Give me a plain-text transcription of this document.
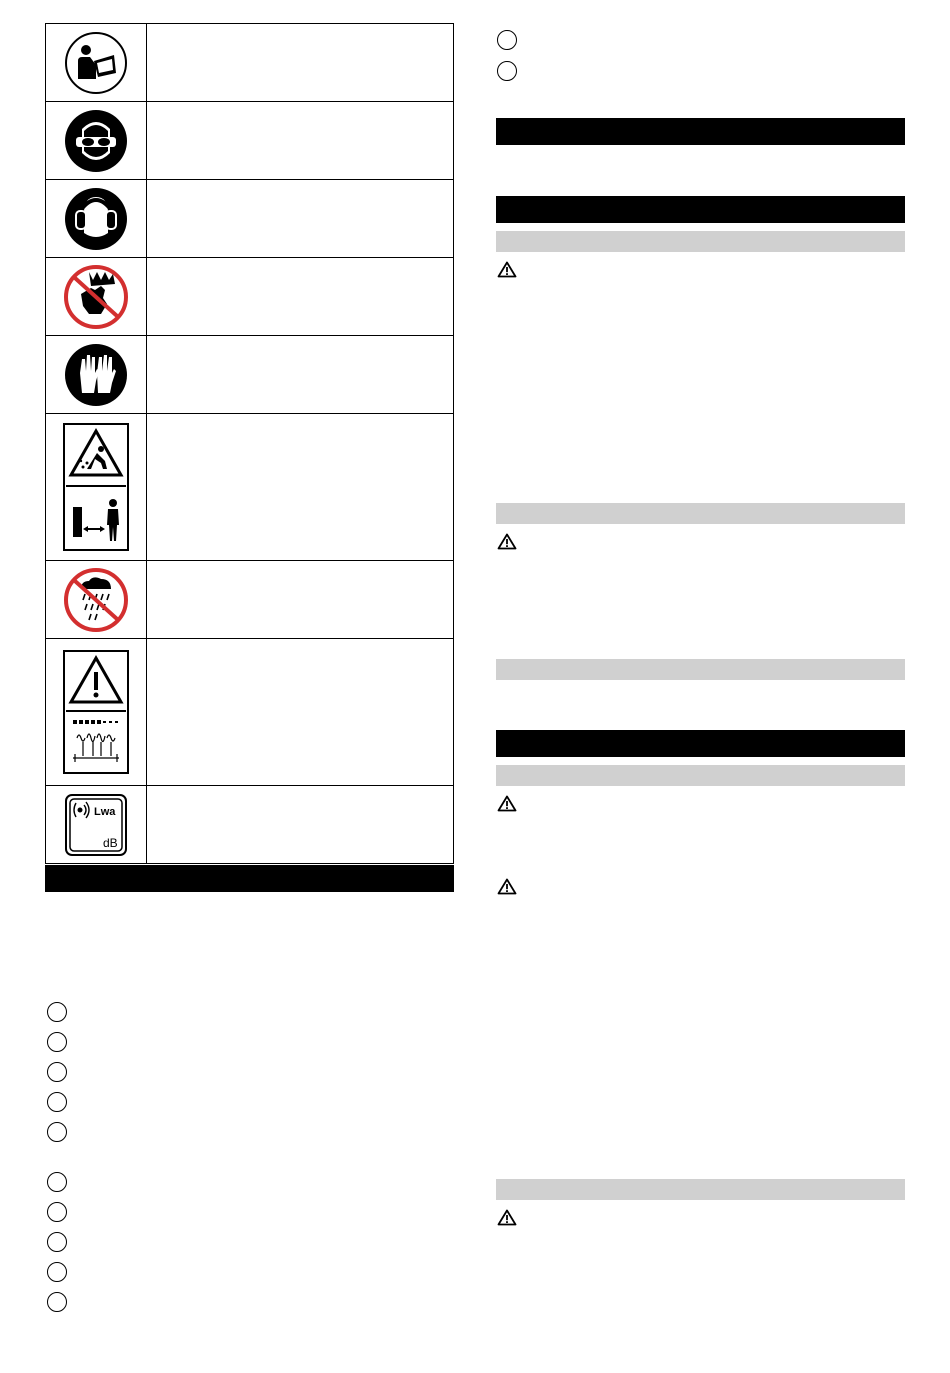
Lwa
dB
